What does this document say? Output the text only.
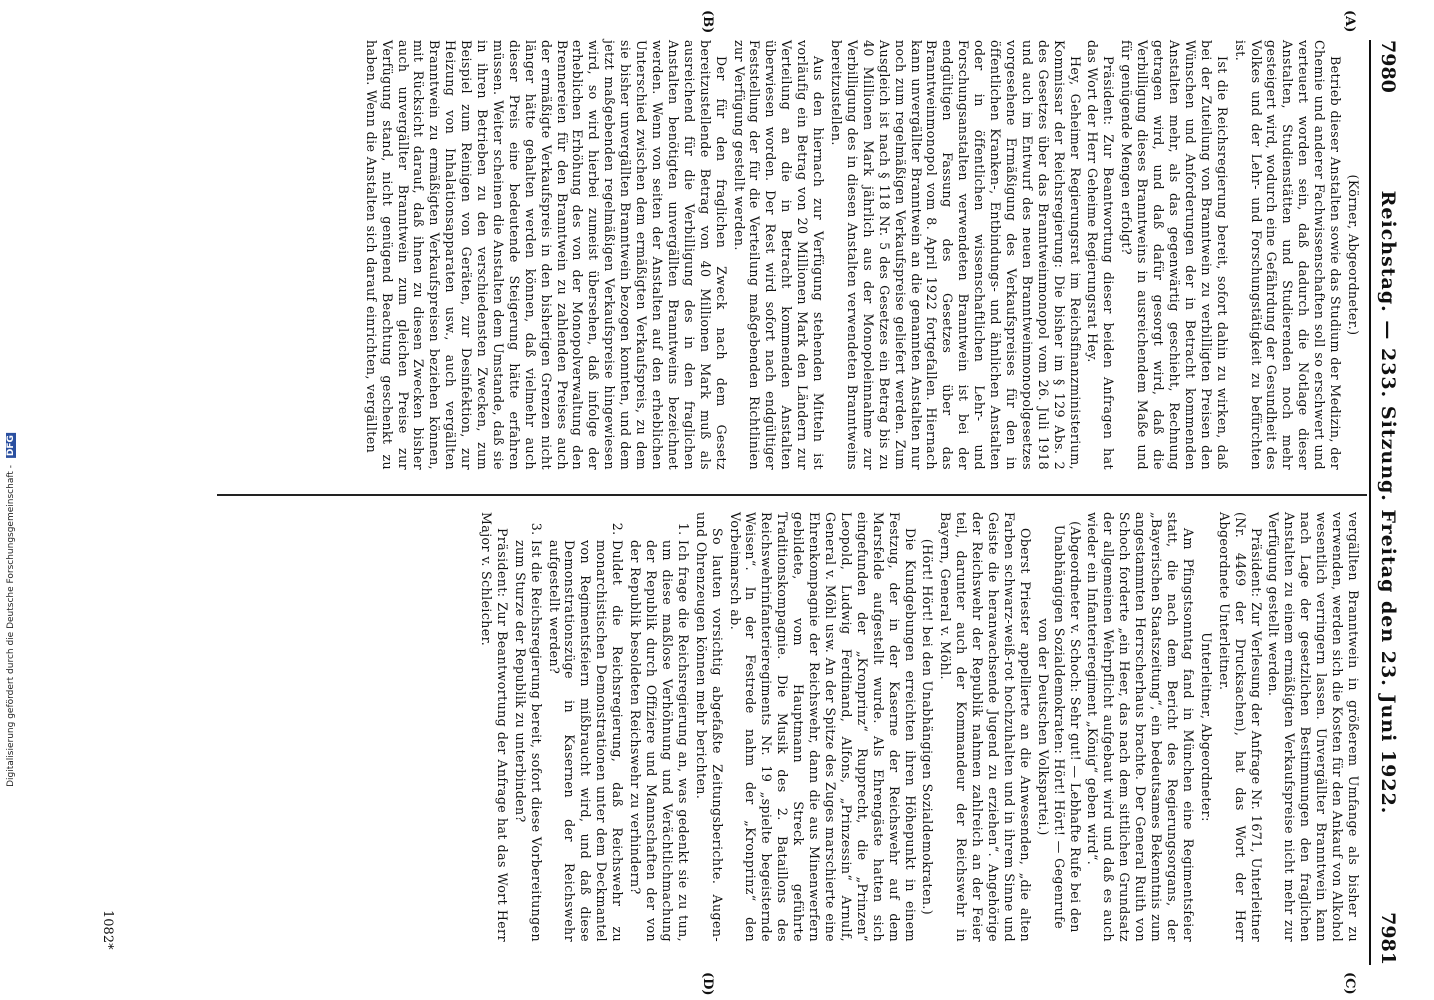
Digitalisierung gefördert durch die Deutsche Forschungsgemeinschaft - DFG
7980
Reichstag. — 233. Sitzung. Freitag den 23. Juni 1922.
7981
(A)
(B)
(C)
(D)

(Körner, Abgeordneter.)

Betrieb dieser Anstalten sowie das Studium der Medizin, der Chemie und anderer Fachwissenschaften soll so erschwert und verteuert worden sein, daß dadurch die Notlage dieser Anstalten, Studienstätten und Studierenden noch mehr gesteigert wird, wodurch eine Gefährdung der Gesundheit des Volkes und der Lehr- und Forschungstätigkeit zu befürchten ist.

Ist die Reichsregierung bereit, sofort dahin zu wirken, daß bei der Zuteilung von Branntwein zu verbilligten Preisen den Wünschen und Anforderungen der in Betracht kommenden Anstalten mehr, als das gegenwärtig geschieht, Rechnung getragen wird, und daß dafür gesorgt wird, daß die Verbilligung dieses Branntweins in ausreichendem Maße und für genügende Mengen erfolgt?

Präsident: Zur Beantwortung dieser beiden Anfragen hat das Wort der Herr Geheime Regierungsrat Hey.

Hey, Geheimer Regierungsrat im Reichsfinanzministerium, Kommissar der Reichsregierung: Die bisher im § 129 Abs. 2 des Gesetzes über das Branntweinmonopol vom 26. Juli 1918 und auch im Entwurf des neuen Branntweinmonopolgesetzes vorgesehene Ermäßigung des Verkaufspreises für den in öffentlichen Kranken-, Entbindungs- und ähnlichen Anstalten oder in öffentlichen wissenschaftlichen Lehr- und Forschungsanstalten verwendeten Branntwein ist bei der endgültigen Fassung des Gesetzes über das Branntweinmonopol vom 8. April 1922 fortgefallen. Hiernach kann unvergällter Branntwein an die genannten Anstalten nur noch zum regelmäßigen Verkaufspreise geliefert werden. Zum Ausgleich ist nach § 118 Nr. 5 des Gesetzes ein Betrag bis zu 40 Millionen Mark jährlich aus der Monopoleinnahme zur Verbilligung des in diesen Anstalten verwendeten Branntweins bereitzustellen.

Aus den hiernach zur Verfügung stehenden Mitteln ist vorläufig ein Betrag von 20 Millionen Mark den Ländern zur Verteilung an die in Betracht kommenden Anstalten überwiesen worden. Der Rest wird sofort nach endgültiger Feststellung der für die Verteilung maßgebenden Richtlinien zur Verfügung gestellt werden.

Der für den fraglichen Zweck nach dem Gesetz bereitzustellende Betrag von 40 Millionen Mark muß als ausreichend für die Verbilligung des in den fraglichen Anstalten benötigten unvergällten Branntweins bezeichnet werden. Wenn von seiten der Anstalten auf den erheblichen Unterschied zwischen dem ermäßigten Verkaufspreis, zu dem sie bisher unvergällten Branntwein bezogen konnten, und dem jetzt maßgebenden regelmäßigen Verkaufspreise hingewiesen wird, so wird hierbei zumeist übersehen, daß infolge der erheblichen Erhöhung des von der Monopolverwaltung den Brennereien für den Branntwein zu zahlenden Preises auch der ermäßigte Verkaufspreis in den bisherigen Grenzen nicht länger hätte gehalten werden können, daß vielmehr auch dieser Preis eine bedeutende Steigerung hätte erfahren müssen. Weiter scheinen die Anstalten dem Umstande, daß sie in ihren Betrieben zu den verschiedensten Zwecken, zum Beispiel zum Reinigen von Geräten, zur Desinfektion, zur Heizung von Inhalationsapparaten usw., auch vergällten Branntwein zu ermäßigten Verkaufspreisen beziehen können, mit Rücksicht darauf, daß ihnen zu diesen Zwecken bisher auch unvergällter Branntwein zum gleichen Preise zur Verfügung stand, nicht genügend Beachtung geschenkt zu haben. Wenn die Anstalten sich darauf einrichten, vergällten

vergällten Branntwein in größerem Umfange als bisher zu verwenden, werden sich die Kosten für den Ankauf von Alkohol wesentlich verringern lassen. Unvergällter Branntwein kann nach Lage der gesetzlichen Bestimmungen den fraglichen Anstalten zu einem ermäßigten Verkaufspreise nicht mehr zur Verfügung gestellt werden.

Präsident: Zur Verlesung der Anfrage Nr. 1671, Unterleitner (Nr. 4469 der Drucksachen), hat das Wort der Herr Abgeordnete Unterleitner.

Unterleitner, Abgeordneter:

Am Pfingstsonntag fand in München eine Regimentsfeier statt, die nach dem Bericht des Regierungsorgans, der „Bayerischen Staatszeitung“, ein bedeutsames Bekenntnis zum angestammten Herrscherhaus brachte. Der General Ruith von Schoch forderte „ein Heer, das nach dem sittlichen Grundsatz der allgemeinen Wehrpflicht aufgebaut wird und daß es auch wieder ein Infanterieregiment „König“ geben wird“.

(Abgeordneter v. Schoch: Sehr gut! — Lebhafte Rufe bei den Unabhängigen Sozialdemokraten: Hört! Hört! — Gegenrufe von der Deutschen Volkspartei.)

Oberst Priester appellierte an die Anwesenden, „die alten Farben schwarz-weiß-rot hochzuhalten und in ihrem Sinne und Geiste die heranwachsende Jugend zu erziehen“. Angehörige der Reichswehr der Republik nahmen zahlreich an der Feier teil, darunter auch der Kommandeur der Reichswehr in Bayern, General v. Möhl.

(Hört! Hört! bei den Unabhängigen Sozialdemokraten.)

Die Kundgebungen erreichten ihren Höhepunkt in einem Festzug, der in der Kaserne der Reichswehr auf dem Marsfelde aufgestellt wurde. Als Ehrengäste hatten sich eingefunden der „Kronprinz“ Rupprecht, die „Prinzen“ Leopold, Ludwig Ferdinand, Alfons, „Prinzessin“ Arnulf, General v. Möhl usw. An der Spitze des Zuges marschierte eine Ehrenkompagnie der Reichswehr, dann die aus Minenwerfern gebildete, vom Hauptmann Streck geführte Traditionskompagnie. Die Musik des 2. Bataillons des Reichswehrinfanterieregiments Nr. 19 „spielte begeisternde Weisen“. In der Festrede nahm der „Kronprinz“ den Vorbeimarsch ab.

So lauten vorsichtig abgefaßte Zeitungsberichte. Augen- und Ohrenzeugen können mehr berichten.

1. Ich frage die Reichsregierung an, was gedenkt sie zu tun, um diese maßlose Verhöhnung und Verächtlichmachung der Republik durch Offiziere und Mannschaften der von der Republik besoldeten Reichswehr zu verhindern?
2. Duldet die Reichsregierung, daß Reichswehr zu monarchistischen Demonstrationen unter dem Deckmantel von Regimentsfeiern mißbraucht wird, und daß diese Demonstrationszüge in Kasernen der Reichswehr aufgestellt werden?
3. Ist die Reichsregierung bereit, sofort diese Vorbereitungen zum Sturze der Republik zu unterbinden?

Präsident: Zur Beantwortung der Anfrage hat das Wort Herr Major v. Schleicher.

1082*
